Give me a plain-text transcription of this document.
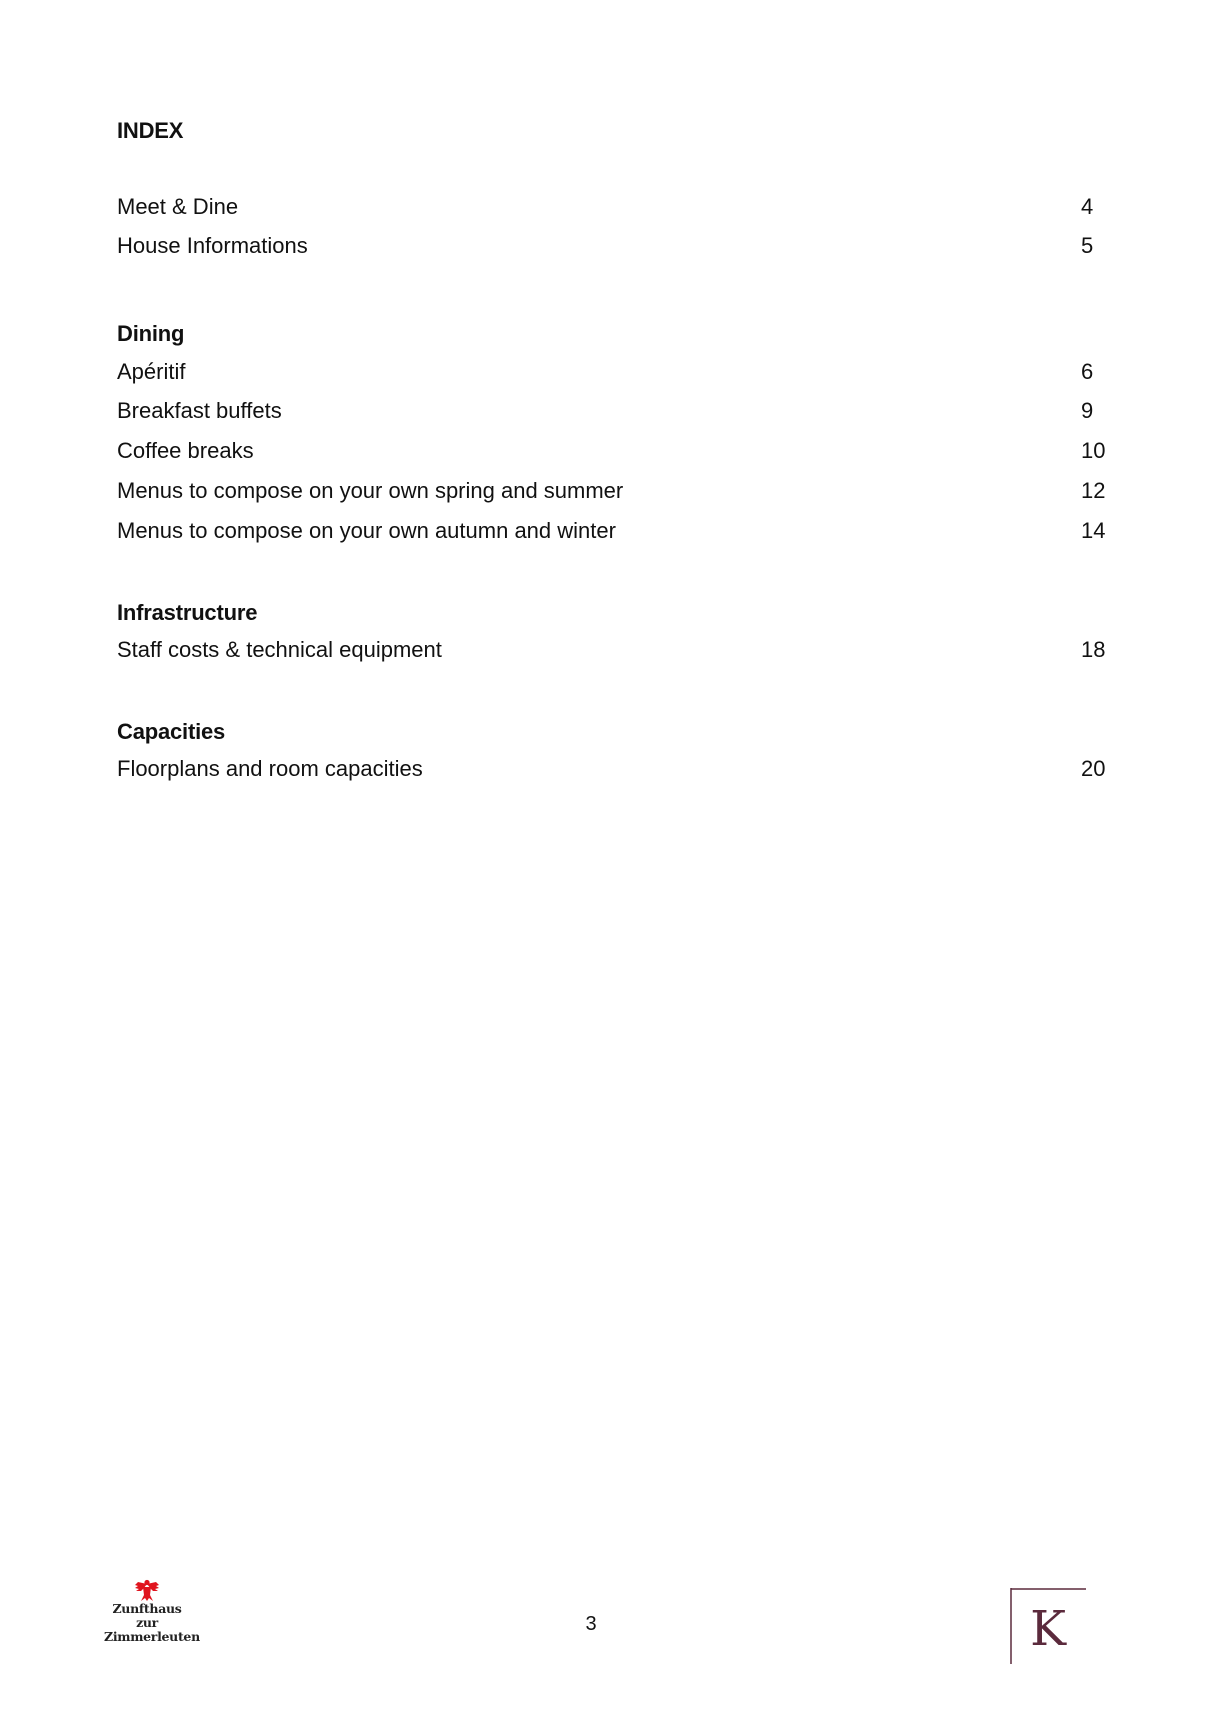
INDEX
Meet & Dine	4
House Informations	5
Dining
Apéritif	6
Breakfast buffets	9
Coffee breaks	10
Menus to compose on your own spring and summer	12
Menus to compose on your own autumn and winter	14
Infrastructure
Staff costs & technical equipment	18
Capacities
Floorplans and room capacities	20
Zunfthaus
zur
Zimmerleuten
3	K
